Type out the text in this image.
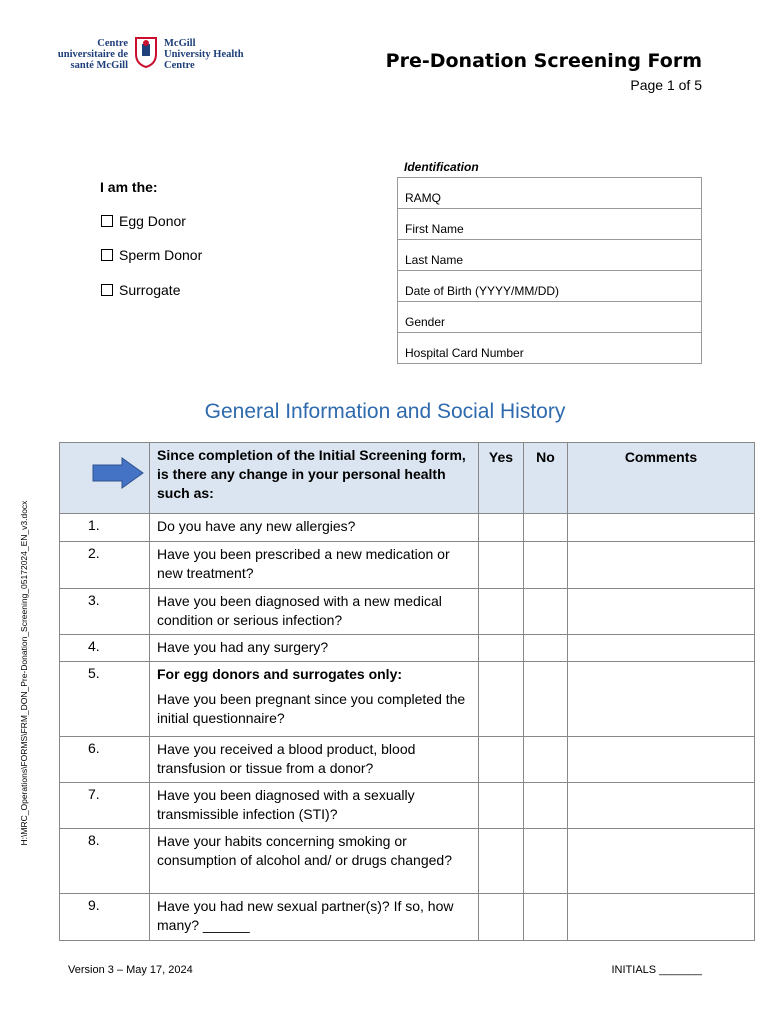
Centre universitaire de santé McGill
McGill University Health Centre	Pre-Donation Screening Form
Page 1 of 5
I am the:
Egg Donor
Sperm Donor
Surrogate
Identification
RAMQ
First Name
Last Name
Date of Birth (YYYY/MM/DD)
Gender
Hospital Card Number
General Information and Social History
H:\MRC_Operations\FORMS\FRM_DON_Pre-Donation_Screening_05172024_EN_v3.docx
	Since completion of the Initial Screening form, is there any change in your personal health such as:	Yes	No	Comments
1.	Do you have any new allergies?			
2.	Have you been prescribed a new medication or new treatment?			
3.	Have you been diagnosed with a new medical condition or serious infection?			
4.	Have you had any surgery?			
5.	For egg donors and surrogates only:
Have you been pregnant since you completed the initial questionnaire?			

6.	Have you received a blood product, blood transfusion or tissue from a donor?			
7.	Have you been diagnosed with a sexually transmissible infection (STI)?			
8.	Have your habits concerning smoking or consumption of alcohol and/ or drugs changed?			
9.	Have you had new sexual partner(s)? If so, how many? ______			
Version 3 – May 17, 2024	INITIALS _______
